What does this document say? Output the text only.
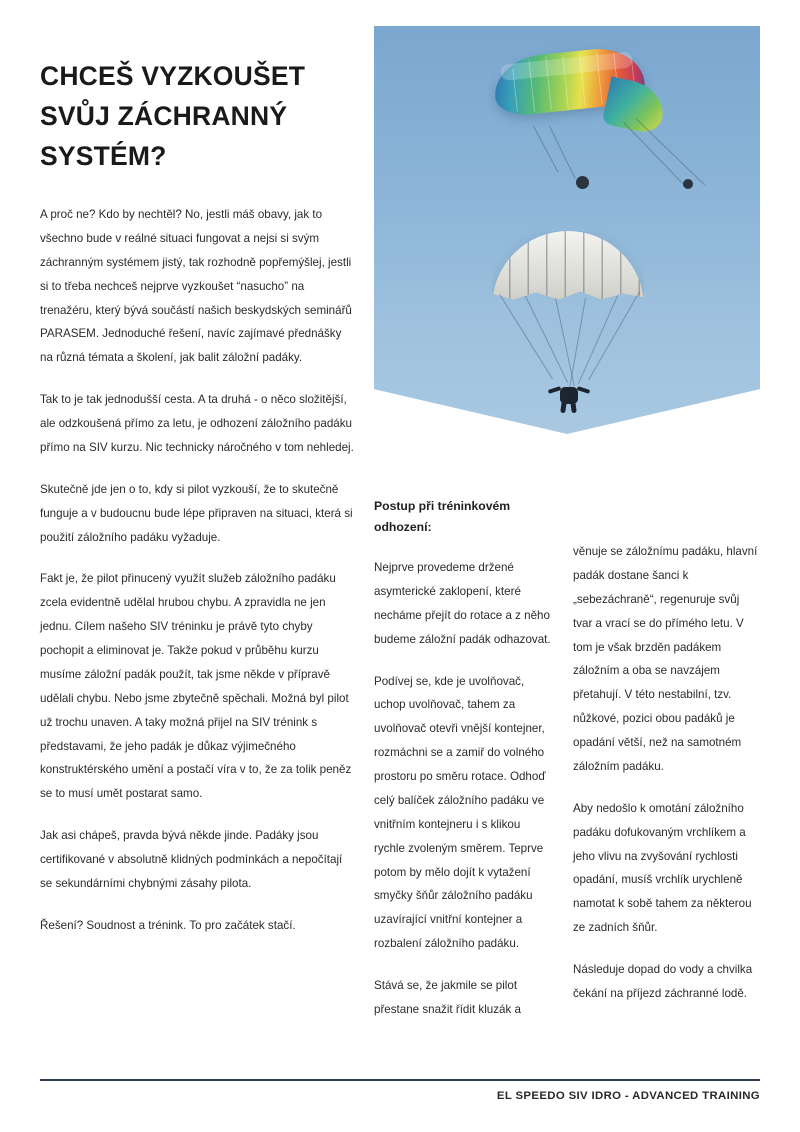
CHCEŠ VYZKOUŠET
SVŮJ ZÁCHRANNÝ
SYSTÉM?

A proč ne? Kdo by nechtěl? No, jestli máš obavy, jak to všechno bude v reálné situaci fungovat a nejsi si svým záchranným systémem jistý, tak rozhodně popřemýšlej, jestli si to třeba nechceš nejprve vyzkoušet “nasucho” na trenažéru, který bývá součástí našich beskydských seminářů PARASEM. Jednoduché řešení, navíc zajímavé přednášky na různá témata a školení, jak balit záložní padáky.

Tak to je tak jednodušší cesta. A ta druhá - o něco složitější, ale odzkoušená přímo za letu, je odhození záložního padáku přímo na SIV kurzu. Nic technicky náročného v tom nehledej.

Skutečně jde jen o to, kdy si pilot vyzkouší, že to skutečně funguje a v budoucnu bude lépe připraven na situaci, která si použití záložního padáku vyžaduje.

Fakt je, že pilot přinucený využít služeb záložního padáku zcela evidentně udělal hrubou chybu. A zpravidla ne jen jednu. Cílem našeho SIV tréninku je právě tyto chyby pochopit a eliminovat je. Takže pokud v průběhu kurzu musíme záložní padák použít, tak jsme někde v přípravě udělali chybu. Nebo jsme zbytečně spěchali. Možná byl pilot už trochu unaven. A taky možná přijel na SIV trénink s představami, že jeho padák je důkaz výjimečného konstruktérského umění a postačí víra v to, že za tolik peněz se to musí umět postarat samo.

Jak asi chápeš, pravda bývá někde jinde. Padáky jsou certifikované v absolutně klidných podmínkách a nepočítají se sekundárními chybnými zásahy pilota.

Řešení? Soudnost a trénink. To pro začátek stačí.

Postup při tréninkovém odhození:

Nejprve provedeme držené asymterické zaklopení, které necháme přejít do rotace a z něho budeme záložní padák odhazovat.

Podívej se, kde je uvolňovač, uchop uvolňovač, tahem za uvolňovač otevři vnější kontejner, rozmáchni se a zamiř do volného prostoru po směru rotace. Odhoď celý balíček záložního padáku ve vnitřním kontejneru i s klikou rychle zvoleným směrem. Teprve potom by mělo dojít k vytažení smyčky šňůr záložního padáku uzavírající vnitřní kontejner a rozbalení záložního padáku.

Stává se, že jakmile se pilot přestane snažit řídit kluzák a

věnuje se záložnímu padáku, hlavní padák dostane šanci k „sebezáchraně“, regenuruje svůj tvar a vrací se do přímého letu. V tom je však brzděn padákem záložním a oba se navzájem přetahují. V této nestabilní, tzv. nůžkové, pozici obou padáků je opadání větší, než na samotném záložním padáku.

Aby nedošlo k omotání záložního padáku dofukovaným vrchlíkem a jeho vlivu na zvyšování rychlosti opadání, musíš vrchlík urychleně namotat k sobě tahem za některou ze zadních šňůr.

Následuje dopad do vody a chvilka čekání na příjezd záchranné lodě.

EL SPEEDO SIV IDRO - ADVANCED TRAINING
